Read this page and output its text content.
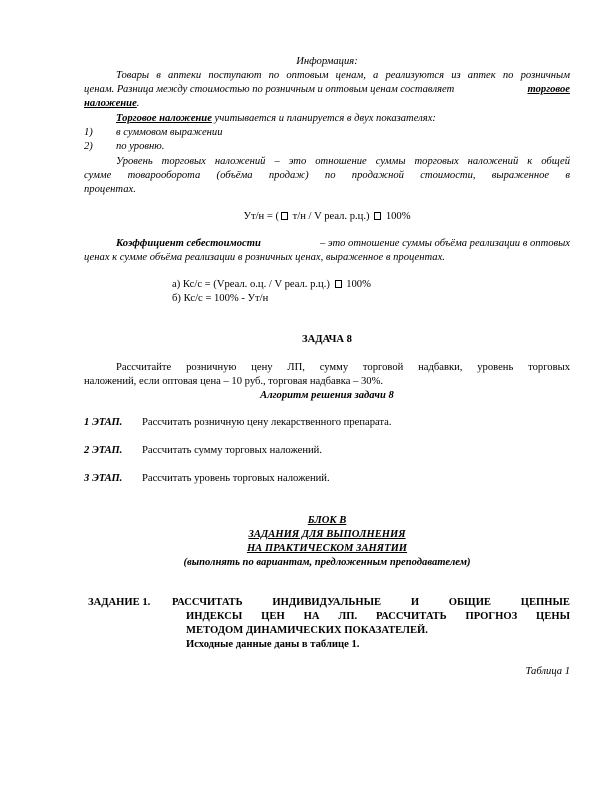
Информация:
Товары в аптеки поступают по оптовым ценам, а реализуются из аптек по розничным
ценам. Разница между стоимостью по розничным и оптовым ценам составляет	торговое
наложение.
Торговое наложение учитывается и планируется в двух показателях:
1) в суммовом выражении
2) по уровню.
Уровень торговых наложений – это отношение суммы торговых наложений к общей
сумме товарооборота (объёма продаж) по продажной стоимости, выраженное в
процентах.
Ут/н = ( т/н / V реал. р.ц.)  100%
Коэффициент себестоимости	– это отношение суммы объёма реализации в оптовых
ценах к сумме объёма реализации в розничных ценах, выраженное в процентах.
а) Кс/с = (Vреал. о.ц. / V реал. р.ц.)  100%
б) Кс/с = 100% - Ут/н
ЗАДАЧА 8
Рассчитайте розничную цену ЛП, сумму торговой надбавки, уровень торговых
наложений, если оптовая цена – 10 руб., торговая надбавка – 30%.
Алгоритм решения задачи 8
1 ЭТАП. Рассчитать розничную цену лекарственного препарата.
2 ЭТАП. Рассчитать сумму торговых наложений.
3 ЭТАП. Рассчитать уровень торговых наложений.
БЛОК В
ЗАДАНИЯ ДЛЯ ВЫПОЛНЕНИЯ
НА ПРАКТИЧЕСКОМ ЗАНЯТИИ
(выполнять по вариантам, предложенным преподавателем)
ЗАДАНИЕ 1. РАССЧИТАТЬ    ИНДИВИДУАЛЬНЫЕ    И    ОБЩИЕ    ЦЕПНЫЕ
ИНДЕКСЫ ЦЕН НА ЛП. РАССЧИТАТЬ ПРОГНОЗ ЦЕНЫ
МЕТОДОМ ДИНАМИЧЕСКИХ ПОКАЗАТЕЛЕЙ.
Исходные данные даны в таблице 1.
Таблица 1
